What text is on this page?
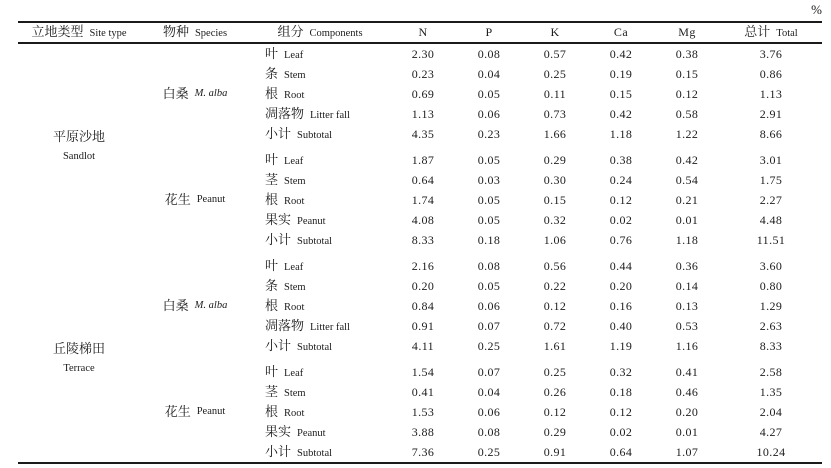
%
立地类型 Site type	物种 Species	组分 Components	N	P	K	Ca	Mg	总计 Total
平原沙地
Sandlot
白桑 M. alba
叶 Leaf	2.30	0.08	0.57	0.42	0.38	3.76
条 Stem	0.23	0.04	0.25	0.19	0.15	0.86
根 Root	0.69	0.05	0.11	0.15	0.12	1.13
凋落物 Litter fall	1.13	0.06	0.73	0.42	0.58	2.91
小计 Subtotal	4.35	0.23	1.66	1.18	1.22	8.66
花生 Peanut
叶 Leaf	1.87	0.05	0.29	0.38	0.42	3.01
茎 Stem	0.64	0.03	0.30	0.24	0.54	1.75
根 Root	1.74	0.05	0.15	0.12	0.21	2.27
果实 Peanut	4.08	0.05	0.32	0.02	0.01	4.48
小计 Subtotal	8.33	0.18	1.06	0.76	1.18	11.51
丘陵梯田
Terrace
白桑 M. alba
叶 Leaf	2.16	0.08	0.56	0.44	0.36	3.60
条 Stem	0.20	0.05	0.22	0.20	0.14	0.80
根 Root	0.84	0.06	0.12	0.16	0.13	1.29
凋落物 Litter fall	0.91	0.07	0.72	0.40	0.53	2.63
小计 Subtotal	4.11	0.25	1.61	1.19	1.16	8.33
花生 Peanut
叶 Leaf	1.54	0.07	0.25	0.32	0.41	2.58
茎 Stem	0.41	0.04	0.26	0.18	0.46	1.35
根 Root	1.53	0.06	0.12	0.12	0.20	2.04
果实 Peanut	3.88	0.08	0.29	0.02	0.01	4.27
小计 Subtotal	7.36	0.25	0.91	0.64	1.07	10.24
